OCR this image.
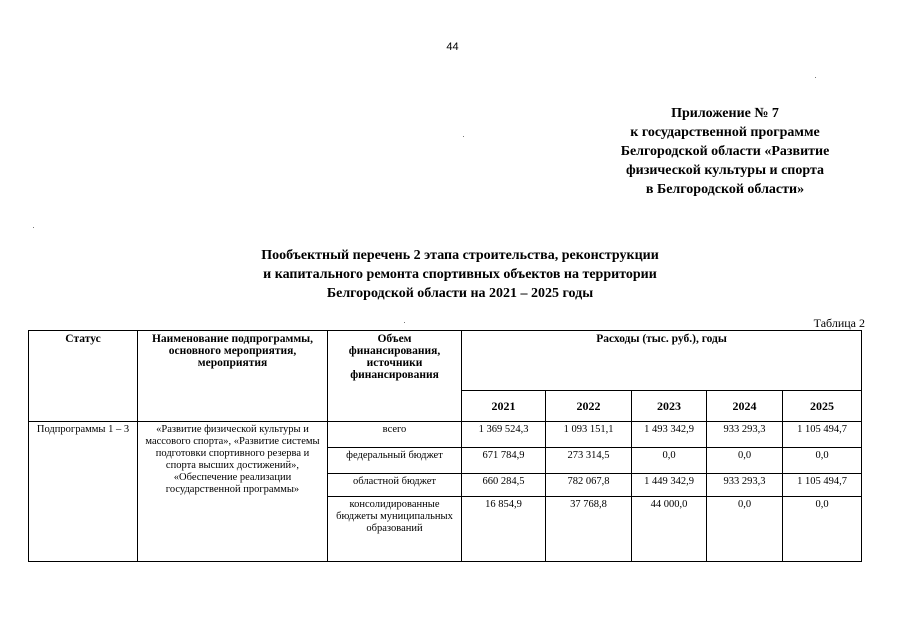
44
Приложение № 7
к государственной программе
Белгородской области «Развитие
физической культуры и спорта
в Белгородской области»
Пообъектный перечень 2 этапа строительства, реконструкции
и капитального ремонта спортивных объектов на территории
Белгородской области на 2021 – 2025 годы
Таблица 2
Статус	Наименование подпрограммы, основного мероприятия, мероприятия	Объем финансирования, источники финансирования	Расходы (тыс. руб.), годы				
			2021	2022	2023	2024	2025
Подпрограммы 1 – 3	«Развитие физической культуры и массового спорта», «Развитие системы подготовки спортивного резерва и спорта высших достижений», «Обеспечение реализации государственной программы»	всего	1 369 524,3	1 093 151,1	1 493 342,9	933 293,3	1 105 494,7
		федеральный бюджет	671 784,9	273 314,5	0,0	0,0	0,0
		областной бюджет	660 284,5	782 067,8	1 449 342,9	933 293,3	1 105 494,7
		консолидированные бюджеты муниципальных образований	16 854,9	37 768,8	44 000,0	0,0	0,0
